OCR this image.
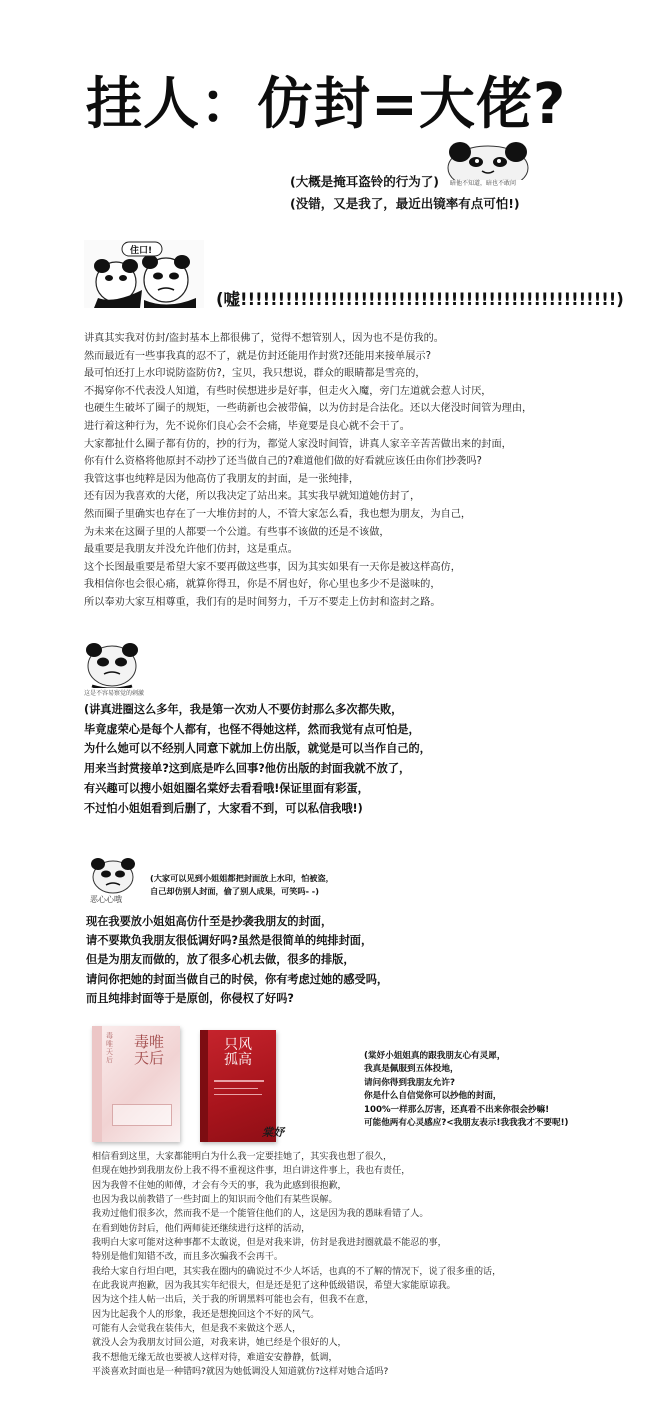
挂人：仿封=大佬?
(大概是掩耳盗铃的行为了)
(没错，又是我了，最近出镜率有点可怕!)
暗他不知道，暗也不敢问
住口!
(嘘!!!!!!!!!!!!!!!!!!!!!!!!!!!!!!!!!!!!!!!!!!!!!!!!!!)
讲真其实我对仿封/盗封基本上都很佛了，觉得不想管别人，因为也不是仿我的。
然而最近有一些事我真的忍不了，就是仿封还能用作封赏?还能用来接单展示?
最可怕还打上水印说防盗防仿?，宝贝，我只想说，群众的眼睛都是雪亮的，
不揭穿你不代表没人知道，有些时侯想进步是好事，但走火入魔，旁门左道就会惹人讨厌，
也硬生生破坏了圈子的规矩，一些萌新也会被带偏，以为仿封是合法化。还以大佬没时间管为理由，
进行着这种行为，先不说你们良心会不会痛，毕竟要是良心就不会干了。
大家都扯什么圈子都有仿的，抄的行为，都觉人家没时间管，讲真人家辛辛苦苦做出来的封面，
你有什么资格将他原封不动抄了还当做自己的?难道他们做的好看就应该任由你们抄袭吗?
我管这事也纯粹是因为他高仿了我朋友的封面，是一张纯排，
还有因为我喜欢的大佬，所以我决定了站出来。其实我早就知道她仿封了，
然而圈子里确实也存在了一大堆仿封的人，不管大家怎么看，我也想为朋友，为自己，
为未来在这圈子里的人都要一个公道。有些事不该做的还是不该做，
最重要是我朋友并没允许他们仿封，这是重点。
这个长图最重要是希望大家不要再做这些事，因为其实如果有一天你是被这样高仿，
我相信你也会很心痛，就算你得丑，你是不屑也好，你心里也多少不是滋味的，
所以奉劝大家互相尊重，我们有的是时间努力，千万不要走上仿封和盗封之路。
这是不容易察觉的刺激
(讲真进圈这么多年，我是第一次劝人不要仿封那么多次都失败，
毕竟虚荣心是每个人都有，也怪不得她这样，然而我觉有点可怕是，
为什么她可以不经别人同意下就加上仿出版，就觉是可以当作自己的，
用来当封赏接单?这到底是咋么回事?他仿出版的封面我就不放了，
有兴趣可以搜小姐姐圈名棠妤去看看哦!保证里面有彩蛋，
不过怕小姐姐看到后删了，大家看不到，可以私信我哦!)
恶心心哦
(大家可以见到小姐姐都把封面放上水印，怕被盗，
自己却仿别人封面，偷了别人成果，可笑吗- -)
现在我要放小姐姐高仿什至是抄袭我朋友的封面，
请不要欺负我朋友很低调好吗?虽然是很简单的纯排封面，
但是为朋友而做的，放了很多心机去做，很多的排版，
请问你把她的封面当做自己的时侯，你有考虑过她的感受吗，
而且纯排封面等于是原创，你侵权了好吗?
毒唯天后
毒唯
天后
只风
孤高
棠妤
(棠妤小姐姐真的跟我朋友心有灵犀，
我真是佩服到五体投地，
请问你得到我朋友允许?
你是什么自信觉你可以抄他的封面，
100%一样那么厉害，还真看不出来你很会抄嘛!
可能他两有心灵感应?<我朋友表示!我我我才不要呢!)
相信看到这里，大家都能明白为什么我一定要挂她了，其实我也想了很久，
但现在她抄到我朋友份上我不得不重视这件事，坦白讲这件事上，我也有责任，
因为我曾不住她的师傅，才会有今天的事，我为此感到很抱歉，
也因为我以前教错了一些封面上的知识而令他们有某些误解。
我劝过他们很多次，然而我不是一个能管住他们的人，这是因为我的愚昧看错了人。
在看到她仿封后，他们两师徒还继续进行这样的活动，
我明白大家可能对这种事都不太敢说，但是对我来讲，仿封是我进封圈就最不能忍的事，
特别是他们知错不改，而且多次骗我不会再干。
我给大家自行坦白吧，其实我在圈内的确说过不少人坏话，也真的不了解的情况下，说了很多重的话，
在此我说声抱歉，因为我其实年纪很大，但是还是犯了这种低级错误，希望大家能原谅我。
因为这个挂人帖一出后，关于我的所谓黑料可能也会有，但我不在意，
因为比起我个人的形象，我还是想挽回这个不好的风气。
可能有人会觉我在装伟大，但是我不来做这个恶人，
就没人会为我朋友讨回公道，对我来讲，她已经是个很好的人，
我不想他无缘无故也要被人这样对待，难道安安静静，低调，
平淡喜欢封面也是一种错吗?就因为她低调没人知道就仿?这样对她合适吗?
